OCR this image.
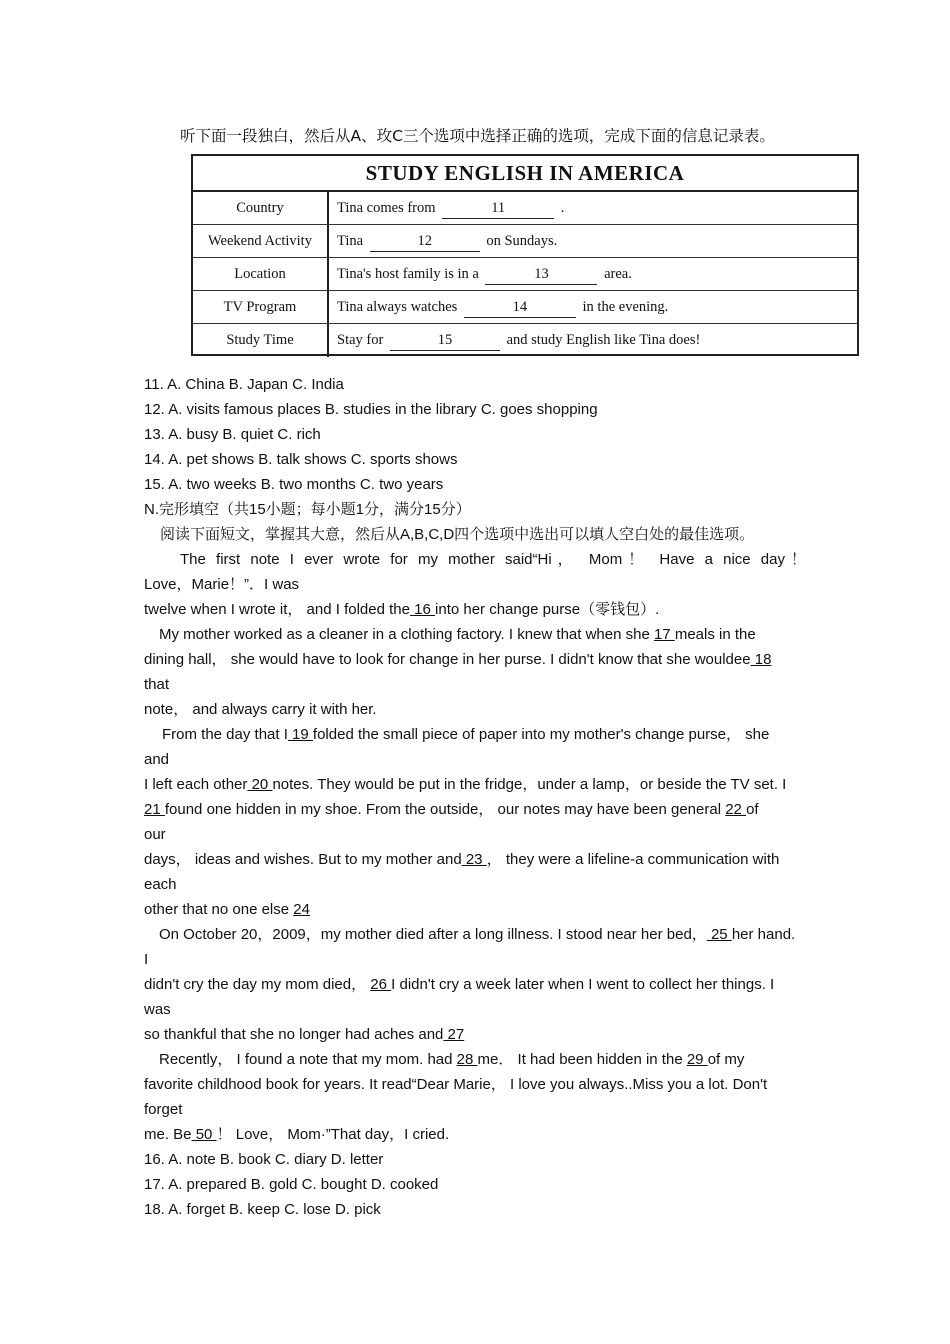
听下面一段独白，然后从A、玫C三个选项中选择正确的选项，完成下面的信息记录表。
STUDY ENGLISH IN AMERICA
Country	Tina comes from	11	.
Weekend Activity	Tina	12	on Sundays.
Location	Tina's host family is in a	13	area.
TV Program	Tina always watches	14	in the evening.
Study Time	Stay for	15	and study English like Tina does!
11. A. China B. Japan C. India
12. A. visits famous places B. studies in the library C. goes shopping
13. A. busy B. quiet C. rich
14. A. pet shows B. talk shows C. sports shows
15. A. two weeks B. two months C. two years
N.完形填空（共15小题；每小题1分，满分15分）
阅读下面短文，掌握其大意，然后从A,B,C,D四个选项中选出可以填人空白处的最佳选项。
The first note I ever wrote for my mother said“Hi， Mom！ Have a nice day！
Love，Marie！”．I was
twelve when I wrote it， and I folded the 16 into her change purse（零钱包）.
My mother worked as a cleaner in a clothing factory. I knew that when she 17 meals in the
dining hall， she would have to look for change in her purse. I didn't know that she wouldee 18
that
note， and always carry it with her.
From the day that I 19 folded the small piece of paper into my mother's change purse， she
and
I left each other 20 notes. They would be put in the fridge，under a lamp，or beside the TV set. I
21 found one hidden in my shoe. From the outside， our notes may have been general 22 of
our
days， ideas and wishes. But to my mother and 23 ， they were a lifeline-a communication with
each
other that no one else 24
On October 20，2009，my mother died after a long illness. I stood near her bed， 25 her hand.
I
didn't cry the day my mom died， 26 I didn't cry a week later when I went to collect her things. I
was
so thankful that she no longer had aches and 27
Recently， I found a note that my mom. had 28 me． It had been hidden in the 29 of my
favorite childhood book for years. It read“Dear Marie， I love you always..Miss you a lot. Don't
forget
me. Be 50 ！ Love， Mom·”That day，I cried.
16. A. note B. book C. diary D. letter
17. A. prepared B. gold C. bought D. cooked
18. A. forget B. keep C. lose D. pick
